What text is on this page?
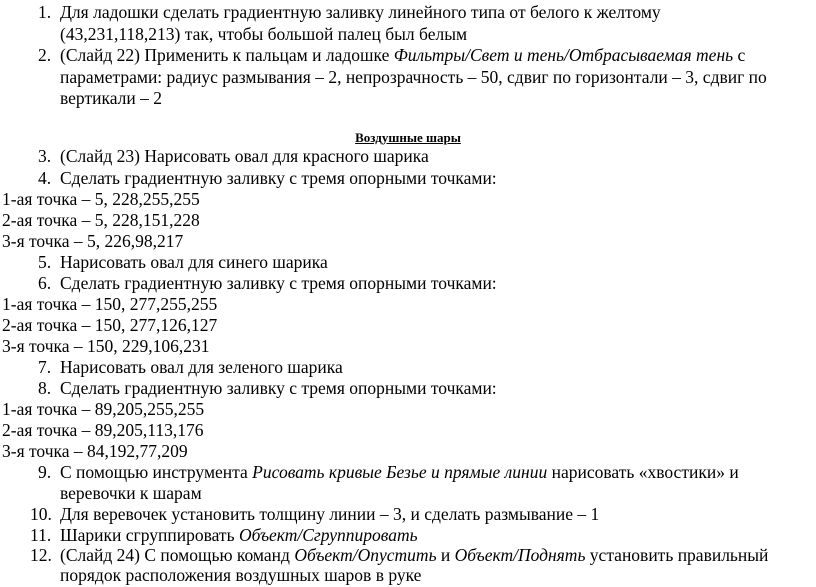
1. Для ладошки сделать градиентную заливку линейного типа от белого к желтому
(43,231,118,213) так, чтобы большой палец был белым
2. (Слайд 22) Применить к пальцам и ладошке Фильтры/Свет и тень/Отбрасываемая тень с
параметрами: радиус размывания – 2, непрозрачность – 50, сдвиг по горизонтали – 3, сдвиг по
вертикали – 2
Воздушные шары
3. (Слайд 23) Нарисовать овал для красного шарика
4. Сделать градиентную заливку с тремя опорными точками:
1-ая точка – 5, 228,255,255
2-ая точка – 5, 228,151,228
3-я точка – 5, 226,98,217
5. Нарисовать овал для синего шарика
6. Сделать градиентную заливку с тремя опорными точками:
1-ая точка – 150, 277,255,255
2-ая точка – 150, 277,126,127
3-я точка – 150, 229,106,231
7. Нарисовать овал для зеленого шарика
8. Сделать градиентную заливку с тремя опорными точками:
1-ая точка – 89,205,255,255
2-ая точка – 89,205,113,176
3-я точка – 84,192,77,209
9. С помощью инструмента Рисовать кривые Безье и прямые линии нарисовать «хвостики» и
веревочки к шарам
10. Для веревочек установить толщину линии – 3, и сделать размывание – 1
11. Шарики сгруппировать Объект/Сгруппировать
12. (Слайд 24) С помощью команд Объект/Опустить и Объект/Поднять установить правильный
порядок расположения воздушных шаров в руке
